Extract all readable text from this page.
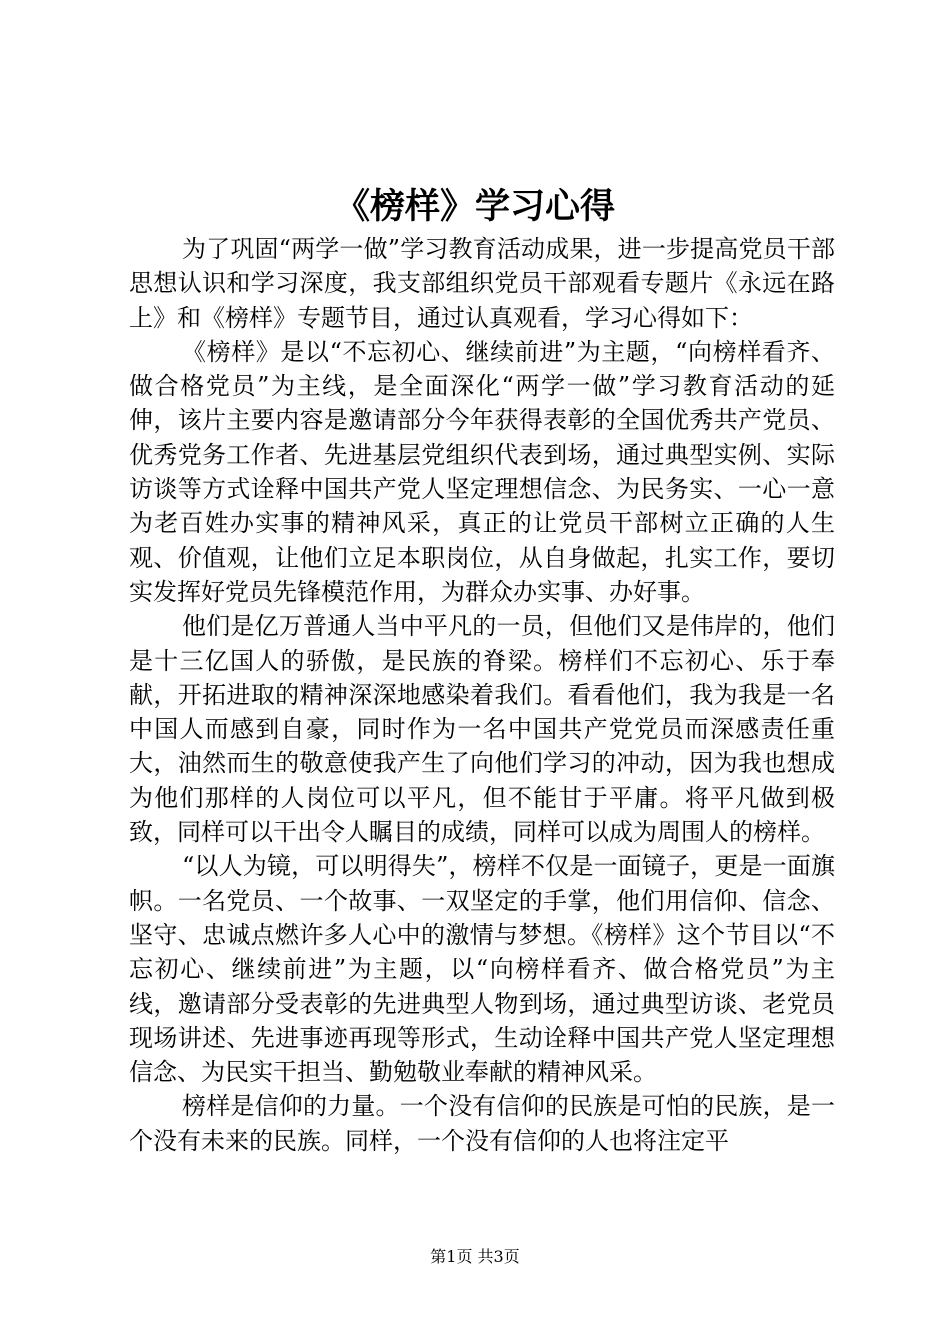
《榜样》学习心得

为了巩固“两学一做”学习教育活动成果，进一步提高党员干部思想认识和学习深度，我支部组织党员干部观看专题片《永远在路上》和《榜样》专题节目，通过认真观看，学习心得如下：

《榜样》是以“不忘初心、继续前进”为主题，“向榜样看齐、做合格党员”为主线，是全面深化“两学一做”学习教育活动的延伸，该片主要内容是邀请部分今年获得表彰的全国优秀共产党员、优秀党务工作者、先进基层党组织代表到场，通过典型实例、实际访谈等方式诠释中国共产党人坚定理想信念、为民务实、一心一意为老百姓办实事的精神风采，真正的让党员干部树立正确的人生观、价值观，让他们立足本职岗位，从自身做起，扎实工作，要切实发挥好党员先锋模范作用，为群众办实事、办好事。

他们是亿万普通人当中平凡的一员，但他们又是伟岸的，他们是十三亿国人的骄傲，是民族的脊梁。榜样们不忘初心、乐于奉献，开拓进取的精神深深地感染着我们。看看他们，我为我是一名中国人而感到自豪，同时作为一名中国共产党党员而深感责任重大，油然而生的敬意使我产生了向他们学习的冲动，因为我也想成为他们那样的人岗位可以平凡，但不能甘于平庸。将平凡做到极致，同样可以干出令人瞩目的成绩，同样可以成为周围人的榜样。

“以人为镜，可以明得失”，榜样不仅是一面镜子，更是一面旗帜。一名党员、一个故事、一双坚定的手掌，他们用信仰、信念、坚守、忠诚点燃许多人心中的激情与梦想。《榜样》这个节目以“不忘初心、继续前进”为主题，以“向榜样看齐、做合格党员”为主线，邀请部分受表彰的先进典型人物到场，通过典型访谈、老党员现场讲述、先进事迹再现等形式，生动诠释中国共产党人坚定理想信念、为民实干担当、勤勉敬业奉献的精神风采。

榜样是信仰的力量。一个没有信仰的民族是可怕的民族，是一个没有未来的民族。同样，一个没有信仰的人也将注定平

第1页 共3页
